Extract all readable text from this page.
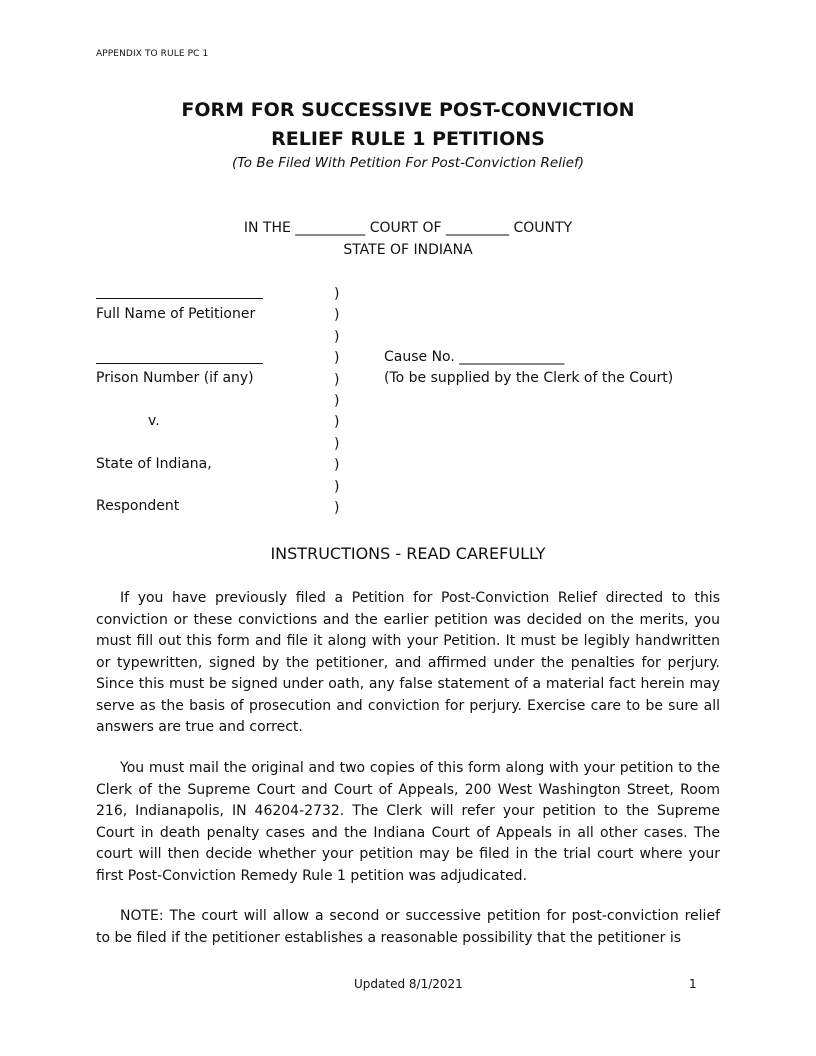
APPENDIX TO RULE PC 1
FORM FOR SUCCESSIVE POST-CONVICTION
RELIEF RULE 1 PETITIONS
(To Be Filed With Petition For Post-Conviction Relief)
IN THE __________ COURT OF _________ COUNTY
STATE OF INDIANA
Full Name of Petitioner
Prison Number (if any)
v.
State of Indiana,
Respondent
)
)
)
)
)
)
)
)
)
)
)
Cause No. _______________
(To be supplied by the Clerk of the Court)
INSTRUCTIONS - READ CAREFULLY
If you have previously filed a Petition for Post-Conviction Relief directed to this conviction or these convictions and the earlier petition was decided on the merits, you must fill out this form and file it along with your Petition. It must be legibly handwritten or typewritten, signed by the petitioner, and affirmed under the penalties for perjury. Since this must be signed under oath, any false statement of a material fact herein may serve as the basis of prosecution and conviction for perjury. Exercise care to be sure all answers are true and correct.
You must mail the original and two copies of this form along with your petition to the Clerk of the Supreme Court and Court of Appeals, 200 West Washington Street, Room 216, Indianapolis, IN 46204-2732. The Clerk will refer your petition to the Supreme Court in death penalty cases and the Indiana Court of Appeals in all other cases. The court will then decide whether your petition may be filed in the trial court where your first Post-Conviction Remedy Rule 1 petition was adjudicated.
NOTE: The court will allow a second or successive petition for post-conviction relief to be filed if the petitioner establishes a reasonable possibility that the petitioner is
Updated 8/1/2021	1
